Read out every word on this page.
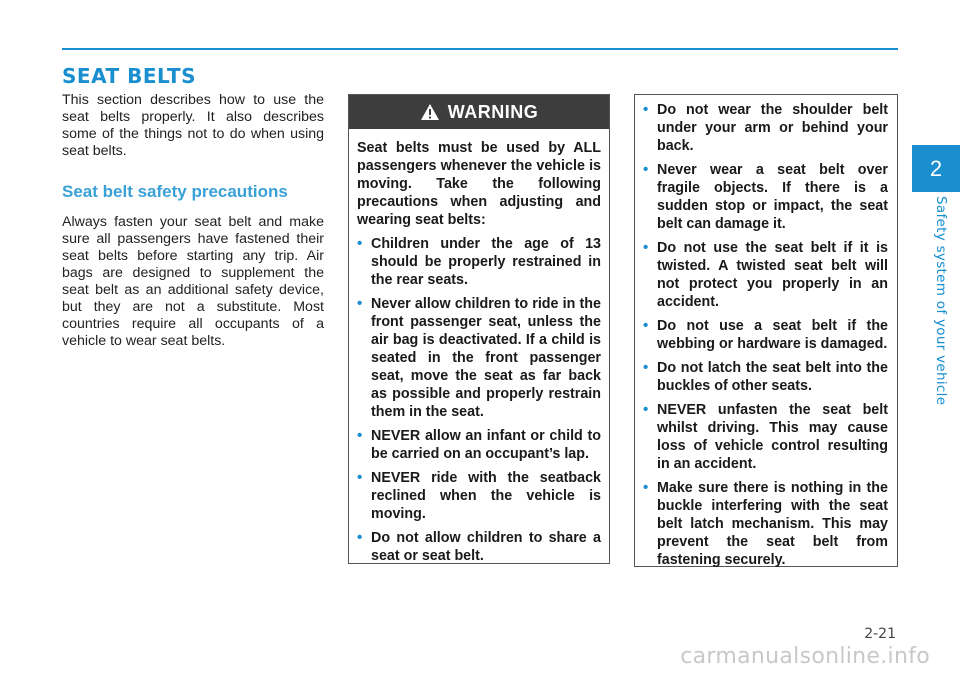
SEAT BELTS

This section describes how to use the seat belts properly. It also describes some of the things not to do when using seat belts.

Seat belt safety precautions

Always fasten your seat belt and make sure all passengers have fastened their seat belts before starting any trip. Air bags are designed to supplement the seat belt as an additional safety device, but they are not a substitute. Most countries require all occupants of a vehicle to wear seat belts.

WARNING

Seat belts must be used by ALL passengers whenever the vehicle is moving. Take the following precautions when adjusting and wearing seat belts:

• Children under the age of 13 should be properly restrained in the rear seats.
• Never allow children to ride in the front passenger seat, unless the air bag is deactivated. If a child is seated in the front passenger seat, move the seat as far back as possible and properly restrain them in the seat.
• NEVER allow an infant or child to be carried on an occupant’s lap.
• NEVER ride with the seatback reclined when the vehicle is moving.
• Do not allow children to share a seat or seat belt.
• Do not wear the shoulder belt under your arm or behind your back.
• Never wear a seat belt over fragile objects. If there is a sudden stop or impact, the seat belt can damage it.
• Do not use the seat belt if it is twisted. A twisted seat belt will not protect you properly in an accident.
• Do not use a seat belt if the webbing or hardware is damaged.
• Do not latch the seat belt into the buckles of other seats.
• NEVER unfasten the seat belt whilst driving. This may cause loss of vehicle control resulting in an accident.
• Make sure there is nothing in the buckle interfering with the seat belt latch mechanism. This may prevent the seat belt from fastening securely.
2
Safety system of your vehicle
2-21
carmanualsonline.info
